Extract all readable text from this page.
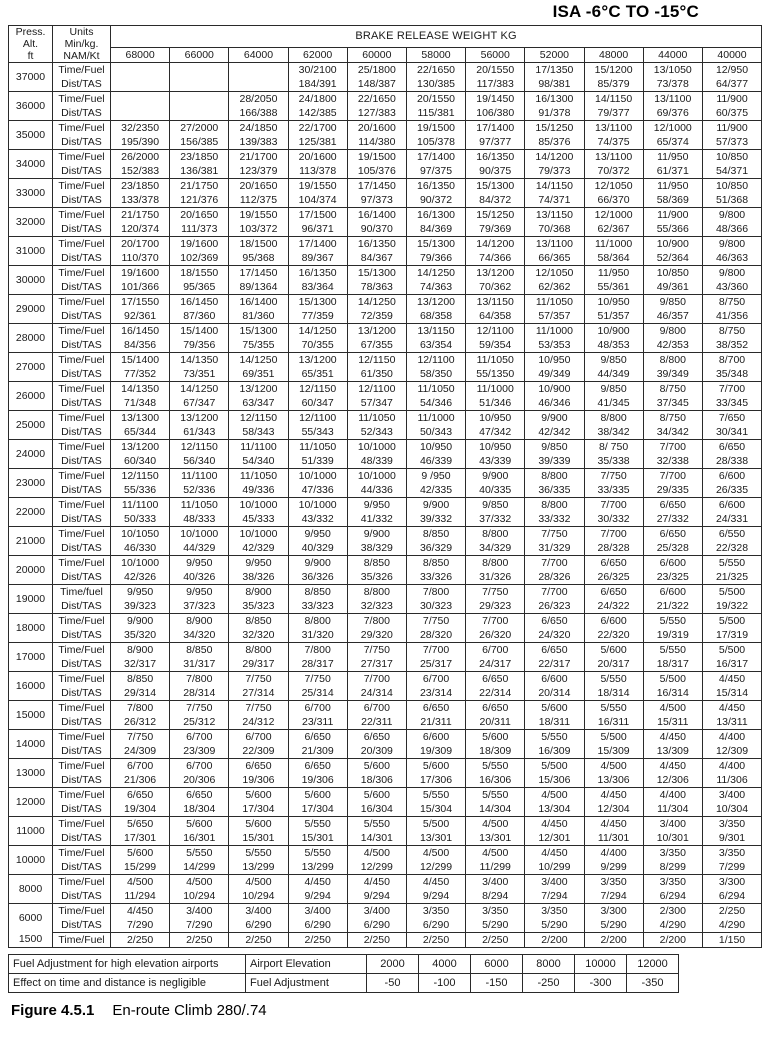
ISA -6°C TO -15°C
Press.
Alt.
ft

Units
Min/kg.
NAM/Kt
	BRAKE RELEASE WEIGHT KG

		68000	66000	64000	62000	60000	58000	56000	52000	48000	44000	40000
37000	Time/Fuel				30/2100	25/1800	22/1650	20/1550	17/1350	15/1200	13/1050	12/950
	Dist/TAS				184/391	148/387	130/385	117/383	98/381	85/379	73/378	64/377
36000	Time/Fuel			28/2050	24/1800	22/1650	20/1550	19/1450	16/1300	14/1150	13/1100	11/900
	Dist/TAS			166/388	142/385	127/383	115/381	106/380	91/378	79/377	69/376	60/375
35000	Time/Fuel	32/2350	27/2000	24/1850	22/1700	20/1600	19/1500	17/1400	15/1250	13/1100	12/1000	11/900
	Dist/TAS	195/390	156/385	139/383	125/381	114/380	105/378	97/377	85/376	74/375	65/374	57/373
34000	Time/Fuel	26/2000	23/1850	21/1700	20/1600	19/1500	17/1400	16/1350	14/1200	13/1100	11/950	10/850
	Dist/TAS	152/383	136/381	123/379	113/378	105/376	97/375	90/375	79/373	70/372	61/371	54/371
33000	Time/Fuel	23/1850	21/1750	20/1650	19/1550	17/1450	16/1350	15/1300	14/1150	12/1050	11/950	10/850
	Dist/TAS	133/378	121/376	112/375	104/374	97/373	90/372	84/372	74/371	66/370	58/369	51/368
32000	Time/Fuel	21/1750	20/1650	19/1550	17/1500	16/1400	16/1300	15/1250	13/1150	12/1000	11/900	9/800
	Dist/TAS	120/374	111/373	103/372	96/371	90/370	84/369	79/369	70/368	62/367	55/366	48/366
31000	Time/Fuel	20/1700	19/1600	18/1500	17/1400	16/1350	15/1300	14/1200	13/1100	11/1000	10/900	9/800
	Dist/TAS	110/370	102/369	95/368	89/367	84/367	79/366	74/366	66/365	58/364	52/364	46/363
30000	Time/Fuel	19/1600	18/1550	17/1450	16/1350	15/1300	14/1250	13/1200	12/1050	11/950	10/850	9/800
	Dist/TAS	101/366	95/365	89/1364	83/364	78/363	74/363	70/362	62/362	55/361	49/361	43/360
29000	Time/Fuel	17/1550	16/1450	16/1400	15/1300	14/1250	13/1200	13/1150	11/1050	10/950	9/850	8/750
	Dist/TAS	92/361	87/360	81/360	77/359	72/359	68/358	64/358	57/357	51/357	46/357	41/356
28000	Time/Fuel	16/1450	15/1400	15/1300	14/1250	13/1200	13/1150	12/1100	11/1000	10/900	9/800	8/750
	Dist/TAS	84/356	79/356	75/355	70/355	67/355	63/354	59/354	53/353	48/353	42/353	38/352
27000	Time/Fuel	15/1400	14/1350	14/1250	13/1200	12/1150	12/1100	11/1050	10/950	9/850	8/800	8/700
	Dist/TAS	77/352	73/351	69/351	65/351	61/350	58/350	55/1350	49/349	44/349	39/349	35/348
26000	Time/Fuel	14/1350	14/1250	13/1200	12/1150	12/1100	11/1050	11/1000	10/900	9/850	8/750	7/700
	Dist/TAS	71/348	67/347	63/347	60/347	57/347	54/346	51/346	46/346	41/345	37/345	33/345
25000	Time/Fuel	13/1300	13/1200	12/1150	12/1100	11/1050	11/1000	10/950	9/900	8/800	8/750	7/650
	Dist/TAS	65/344	61/343	58/343	55/343	52/343	50/343	47/342	42/342	38/342	34/342	30/341
24000	Time/Fuel	13/1200	12/1150	11/1100	11/1050	10/1000	10/950	10/950	9/850	8/ 750	7/700	6/650
	Dist/TAS	60/340	56/340	54/340	51/339	48/339	46/339	43/339	39/339	35/338	32/338	28/338
23000	Time/Fuel	12/1150	11/1100	11/1050	10/1000	10/1000	9 /950	9/900	8/800	7/750	7/700	6/600
	Dist/TAS	55/336	52/336	49/336	47/336	44/336	42/335	40/335	36/335	33/335	29/335	26/335
22000	Time/Fuel	11/1100	11/1050	10/1000	10/1000	9/950	9/900	9/850	8/800	7/700	6/650	6/600
	Dist/TAS	50/333	48/333	45/333	43/332	41/332	39/332	37/332	33/332	30/332	27/332	24/331
21000	Time/Fuel	10/1050	10/1000	10/1000	9/950	9/900	8/850	8/800	7/750	7/700	6/650	6/550
	Dist/TAS	46/330	44/329	42/329	40/329	38/329	36/329	34/329	31/329	28/328	25/328	22/328
20000	Time/Fuel	10/1000	9/950	9/950	9/900	8/850	8/850	8/800	7/700	6/650	6/600	5/550
	Dist/TAS	42/326	40/326	38/326	36/326	35/326	33/326	31/326	28/326	26/325	23/325	21/325
19000	Time/fuel	9/950	9/950	8/900	8/850	8/800	7/800	7/750	7/700	6/650	6/600	5/500
	Dist/TAS	39/323	37/323	35/323	33/323	32/323	30/323	29/323	26/323	24/322	21/322	19/322
18000	Time/Fuel	9/900	8/900	8/850	8/800	7/800	7/750	7/700	6/650	6/600	5/550	5/500
	Dist/TAS	35/320	34/320	32/320	31/320	29/320	28/320	26/320	24/320	22/320	19/319	17/319
17000	Time/Fuel	8/900	8/850	8/800	7/800	7/750	7/700	6/700	6/650	5/600	5/550	5/500
	Dist/TAS	32/317	31/317	29/317	28/317	27/317	25/317	24/317	22/317	20/317	18/317	16/317
16000	Time/Fuel	8/850	7/800	7/750	7/750	7/700	6/700	6/650	6/600	5/550	5/500	4/450
	Dist/TAS	29/314	28/314	27/314	25/314	24/314	23/314	22/314	20/314	18/314	16/314	15/314
15000	Time/Fuel	7/800	7/750	7/750	6/700	6/700	6/650	6/650	5/600	5/550	4/500	4/450
	Dist/TAS	26/312	25/312	24/312	23/311	22/311	21/311	20/311	18/311	16/311	15/311	13/311
14000	Time/Fuel	7/750	6/700	6/700	6/650	6/650	6/600	5/600	5/550	5/500	4/450	4/400
	Dist/TAS	24/309	23/309	22/309	21/309	20/309	19/309	18/309	16/309	15/309	13/309	12/309
13000	Time/Fuel	6/700	6/700	6/650	6/650	5/600	5/600	5/550	5/500	4/500	4/450	4/400
	Dist/TAS	21/306	20/306	19/306	19/306	18/306	17/306	16/306	15/306	13/306	12/306	11/306
12000	Time/Fuel	6/650	6/650	5/600	5/600	5/600	5/550	5/550	4/500	4/450	4/400	3/400
	Dist/TAS	19/304	18/304	17/304	17/304	16/304	15/304	14/304	13/304	12/304	11/304	10/304
11000	Time/Fuel	5/650	5/600	5/600	5/550	5/550	5/500	4/500	4/450	4/450	3/400	3/350
	Dist/TAS	17/301	16/301	15/301	15/301	14/301	13/301	13/301	12/301	11/301	10/301	9/301
10000	Time/Fuel	5/600	5/550	5/550	5/550	4/500	4/500	4/500	4/450	4/400	3/350	3/350
	Dist/TAS	15/299	14/299	13/299	13/299	12/299	12/299	11/299	10/299	9/299	8/299	7/299
8000	Time/Fuel	4/500	4/500	4/500	4/450	4/450	4/450	3/400	3/400	3/350	3/350	3/300
	Dist/TAS	11/294	10/294	10/294	9/294	9/294	9/294	8/294	7/294	7/294	6/294	6/294
6000	Time/Fuel	4/450	3/400	3/400	3/400	3/400	3/350	3/350	3/350	3/300	2/300	2/250
	Dist/TAS	7/290	7/290	6/290	6/290	6/290	6/290	5/290	5/290	5/290	4/290	4/290
1500	Time/Fuel	2/250	2/250	2/250	2/250	2/250	2/250	2/250	2/200	2/200	2/200	1/150
Fuel Adjustment for high elevation airports	Airport Elevation	2000	4000	6000	8000	10000	12000
Effect on time and distance is negligible	Fuel Adjustment	-50	-100	-150	-250	-300	-350
Figure 4.5.1 En-route Climb 280/.74
